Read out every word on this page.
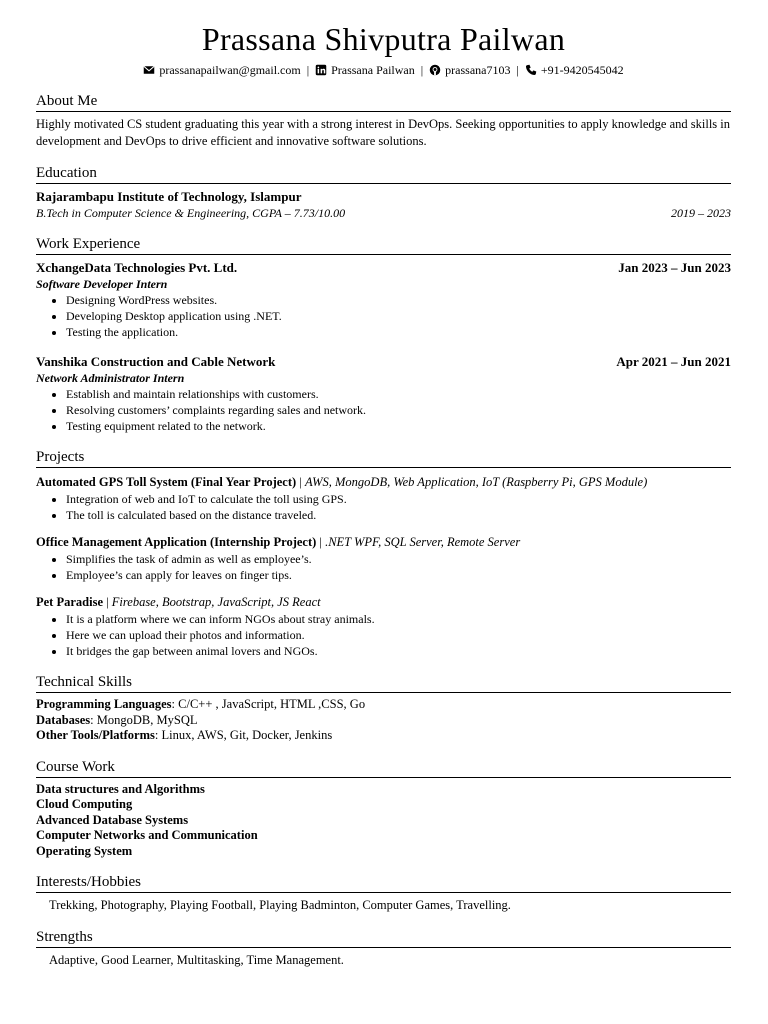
Prassana Shivputra Pailwan
prassanapailwan@gmail.com | Prassana Pailwan | prassana7103 | +91-9420545042
About Me
Highly motivated CS student graduating this year with a strong interest in DevOps. Seeking opportunities to apply knowledge and skills in development and DevOps to drive efficient and innovative software solutions.
Education
Rajarambapu Institute of Technology, Islampur
B.Tech in Computer Science & Engineering, CGPA – 7.73/10.00	2019 – 2023
Work Experience
XchangeData Technologies Pvt. Ltd.	Jan 2023 – Jun 2023
Software Developer Intern
• Designing WordPress websites.
• Developing Desktop application using .NET.
• Testing the application.
Vanshika Construction and Cable Network	Apr 2021 – Jun 2021
Network Administrator Intern
• Establish and maintain relationships with customers.
• Resolving customers’ complaints regarding sales and network.
• Testing equipment related to the network.
Projects
Automated GPS Toll System (Final Year Project) | AWS, MongoDB, Web Application, IoT (Raspberry Pi, GPS Module)
• Integration of web and IoT to calculate the toll using GPS.
• The toll is calculated based on the distance traveled.
Office Management Application (Internship Project) | .NET WPF, SQL Server, Remote Server
• Simplifies the task of admin as well as employee’s.
• Employee’s can apply for leaves on finger tips.
Pet Paradise | Firebase, Bootstrap, JavaScript, JS React
• It is a platform where we can inform NGOs about stray animals.
• Here we can upload their photos and information.
• It bridges the gap between animal lovers and NGOs.
Technical Skills
Programming Languages: C/C++ , JavaScript, HTML ,CSS, Go
Databases: MongoDB, MySQL
Other Tools/Platforms: Linux, AWS, Git, Docker, Jenkins
Course Work
Data structures and Algorithms
Cloud Computing
Advanced Database Systems
Computer Networks and Communication
Operating System
Interests/Hobbies
Trekking, Photography, Playing Football, Playing Badminton, Computer Games, Travelling.
Strengths
Adaptive, Good Learner, Multitasking, Time Management.
